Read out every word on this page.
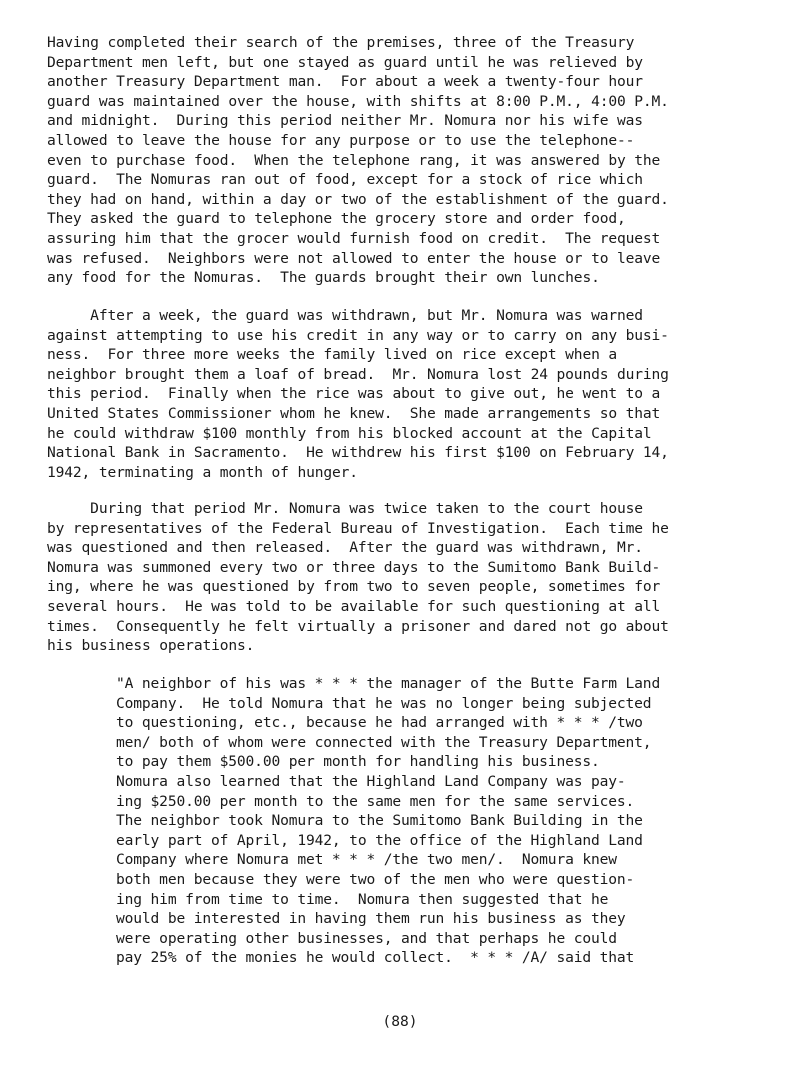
Having completed their search of the premises, three of the Treasury
Department men left, but one stayed as guard until he was relieved by
another Treasury Department man.  For about a week a twenty-four hour
guard was maintained over the house, with shifts at 8:00 P.M., 4:00 P.M.
and midnight.  During this period neither Mr. Nomura nor his wife was
allowed to leave the house for any purpose or to use the telephone--
even to purchase food.  When the telephone rang, it was answered by the
guard.  The Nomuras ran out of food, except for a stock of rice which
they had on hand, within a day or two of the establishment of the guard.
They asked the guard to telephone the grocery store and order food,
assuring him that the grocer would furnish food on credit.  The request
was refused.  Neighbors were not allowed to enter the house or to leave
any food for the Nomuras.  The guards brought their own lunches.
After a week, the guard was withdrawn, but Mr. Nomura was warned
against attempting to use his credit in any way or to carry on any busi-
ness.  For three more weeks the family lived on rice except when a
neighbor brought them a loaf of bread.  Mr. Nomura lost 24 pounds during
this period.  Finally when the rice was about to give out, he went to a
United States Commissioner whom he knew.  She made arrangements so that
he could withdraw $100 monthly from his blocked account at the Capital
National Bank in Sacramento.  He withdrew his first $100 on February 14,
1942, terminating a month of hunger.
During that period Mr. Nomura was twice taken to the court house
by representatives of the Federal Bureau of Investigation.  Each time he
was questioned and then released.  After the guard was withdrawn, Mr.
Nomura was summoned every two or three days to the Sumitomo Bank Build-
ing, where he was questioned by from two to seven people, sometimes for
several hours.  He was told to be available for such questioning at all
times.  Consequently he felt virtually a prisoner and dared not go about
his business operations.
"A neighbor of his was * * * the manager of the Butte Farm Land
Company.  He told Nomura that he was no longer being subjected
to questioning, etc., because he had arranged with * * * /two
men/ both of whom were connected with the Treasury Department,
to pay them $500.00 per month for handling his business.
Nomura also learned that the Highland Land Company was pay-
ing $250.00 per month to the same men for the same services.
The neighbor took Nomura to the Sumitomo Bank Building in the
early part of April, 1942, to the office of the Highland Land
Company where Nomura met * * * /the two men/.  Nomura knew
both men because they were two of the men who were question-
ing him from time to time.  Nomura then suggested that he
would be interested in having them run his business as they
were operating other businesses, and that perhaps he could
pay 25% of the monies he would collect.  * * * /A/ said that
(88)
